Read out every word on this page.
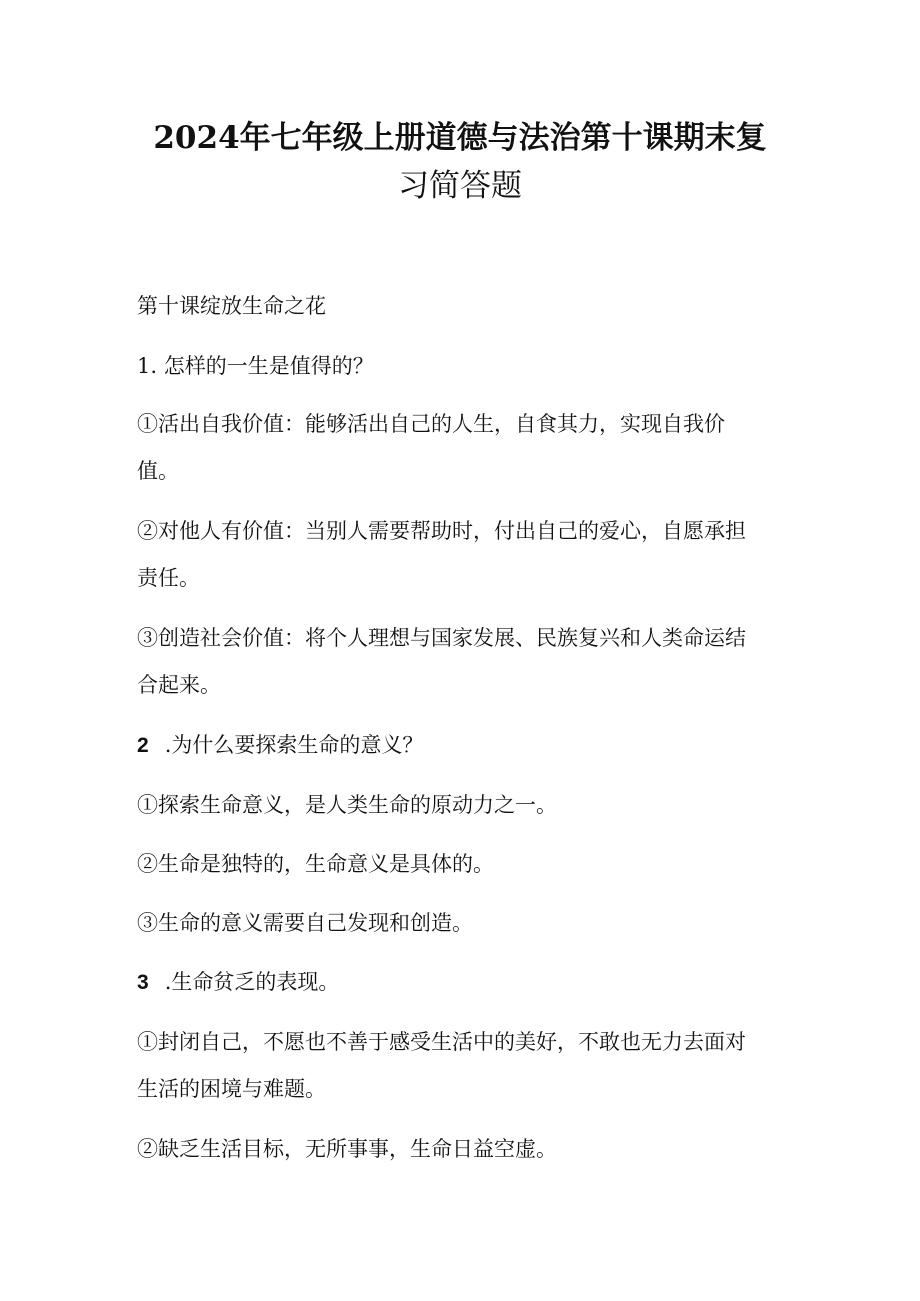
2024年七年级上册道德与法治第十课期末复
习简答题

第十课绽放生命之花

1. 怎样的一生是值得的？

①活出自我价值：能够活出自己的人生，自食其力，实现自我价

值。

②对他人有价值：当别人需要帮助时，付出自己的爱心，自愿承担

责任。

③创造社会价值：将个人理想与国家发展、民族复兴和人类命运结

合起来。

2 .为什么要探索生命的意义？

①探索生命意义，是人类生命的原动力之一。

②生命是独特的，生命意义是具体的。

③生命的意义需要自己发现和创造。

3 .生命贫乏的表现。

①封闭自己，不愿也不善于感受生活中的美好，不敢也无力去面对

生活的困境与难题。

②缺乏生活目标，无所事事，生命日益空虚。
